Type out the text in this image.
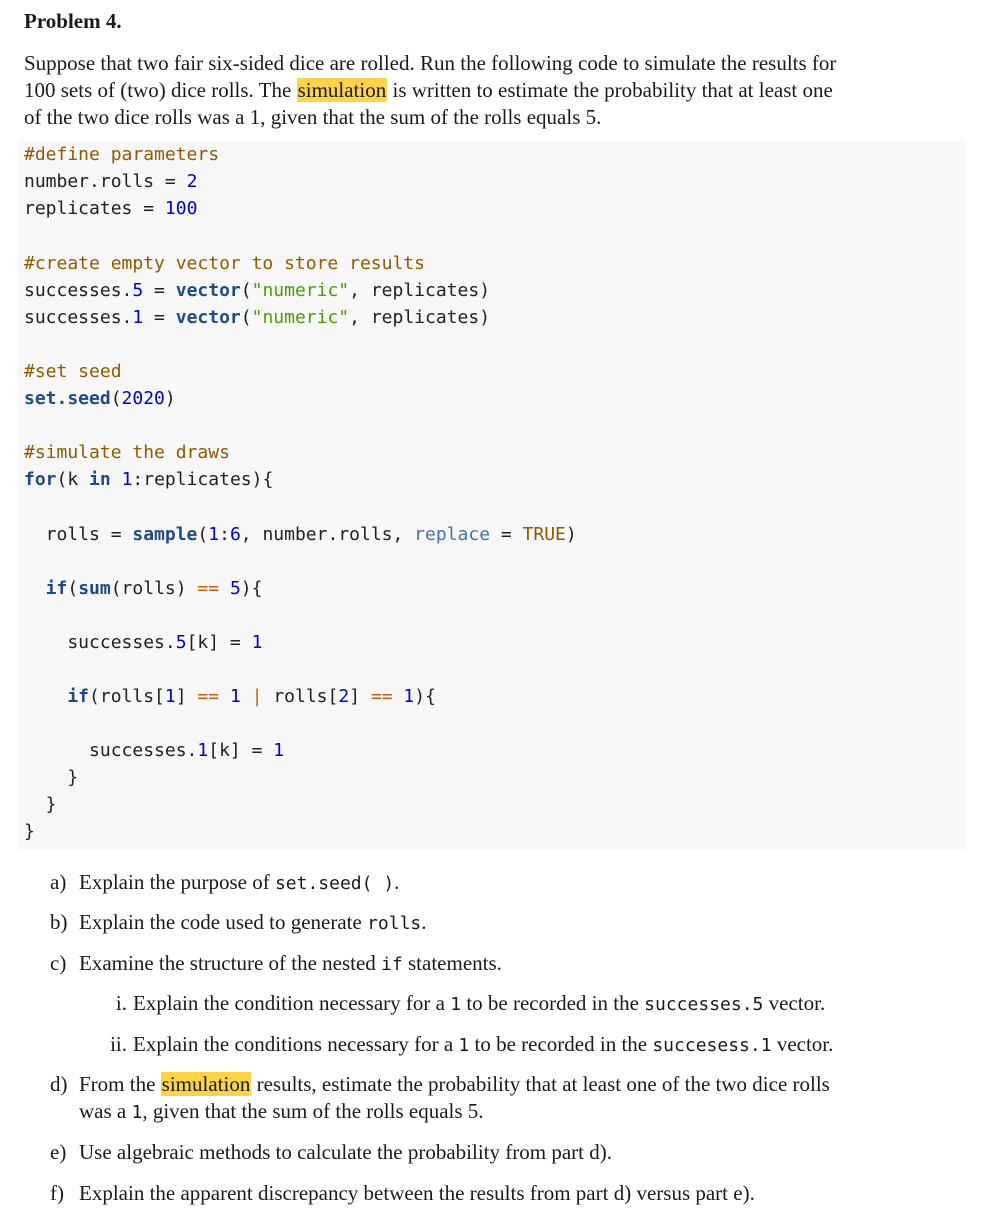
Problem 4.
Suppose that two fair six-sided dice are rolled. Run the following code to simulate the results for
100 sets of (two) dice rolls. The simulation is written to estimate the probability that at least one
of the two dice rolls was a 1, given that the sum of the rolls equals 5.
#define parameters
number.rolls = 2
replicates = 100
#create empty vector to store results
successes.5 = vector("numeric", replicates)
successes.1 = vector("numeric", replicates)
#set seed
set.seed(2020)
#simulate the draws
for(k in 1:replicates){
rolls = sample(1:6, number.rolls, replace = TRUE)
if(sum(rolls) == 5){
successes.5[k] = 1
if(rolls[1] == 1 | rolls[2] == 1){
successes.1[k] = 1
}
}
}
a) Explain the purpose of set.seed( ).
b) Explain the code used to generate rolls.
c) Examine the structure of the nested if statements.
i. Explain the condition necessary for a 1 to be recorded in the successes.5 vector.
ii. Explain the conditions necessary for a 1 to be recorded in the succesess.1 vector.
d) From the simulation results, estimate the probability that at least one of the two dice rolls
was a 1, given that the sum of the rolls equals 5.
e) Use algebraic methods to calculate the probability from part d).
f) Explain the apparent discrepancy between the results from part d) versus part e).
